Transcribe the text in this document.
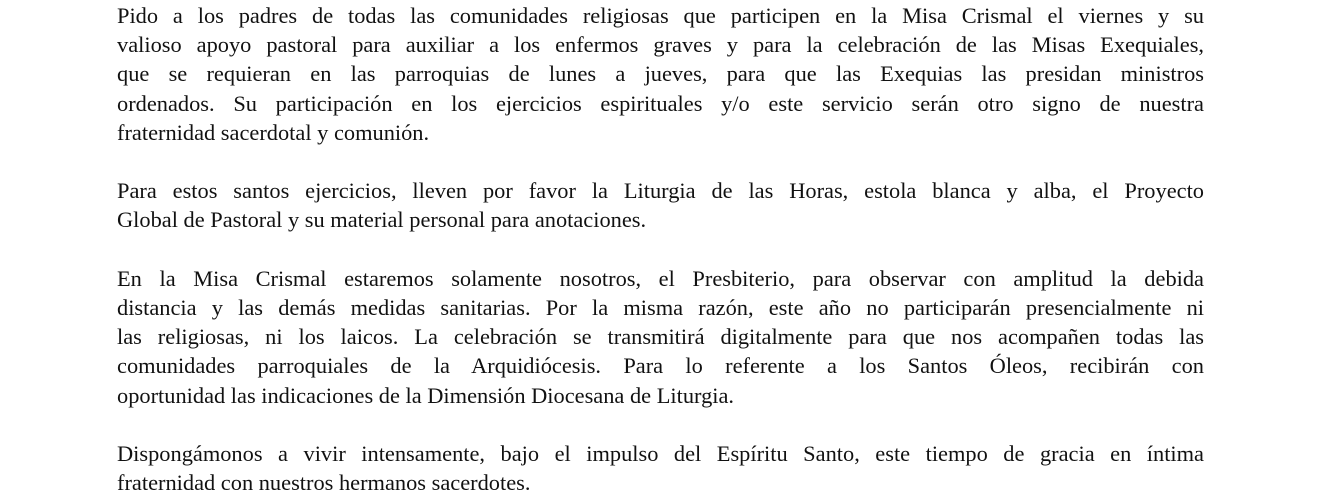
Pido a los padres de todas las comunidades religiosas que participen en la Misa Crismal el viernes y su
valioso apoyo pastoral para auxiliar a los enfermos graves y para la celebración de las Misas Exequiales,
que se requieran en las parroquias de lunes a jueves, para que las Exequias las presidan ministros
ordenados. Su participación en los ejercicios espirituales y/o este servicio serán otro signo de nuestra
fraternidad sacerdotal y comunión.

Para estos santos ejercicios, lleven por favor la Liturgia de las Horas, estola blanca y alba, el Proyecto
Global de Pastoral y su material personal para anotaciones.

En la Misa Crismal estaremos solamente nosotros, el Presbiterio, para observar con amplitud la debida
distancia y las demás medidas sanitarias. Por la misma razón, este año no participarán presencialmente ni
las religiosas, ni los laicos. La celebración se transmitirá digitalmente para que nos acompañen todas las
comunidades parroquiales de la Arquidiócesis. Para lo referente a los Santos Óleos, recibirán con
oportunidad las indicaciones de la Dimensión Diocesana de Liturgia.

Dispongámonos a vivir intensamente, bajo el impulso del Espíritu Santo, este tiempo de gracia en íntima
fraternidad con nuestros hermanos sacerdotes.
